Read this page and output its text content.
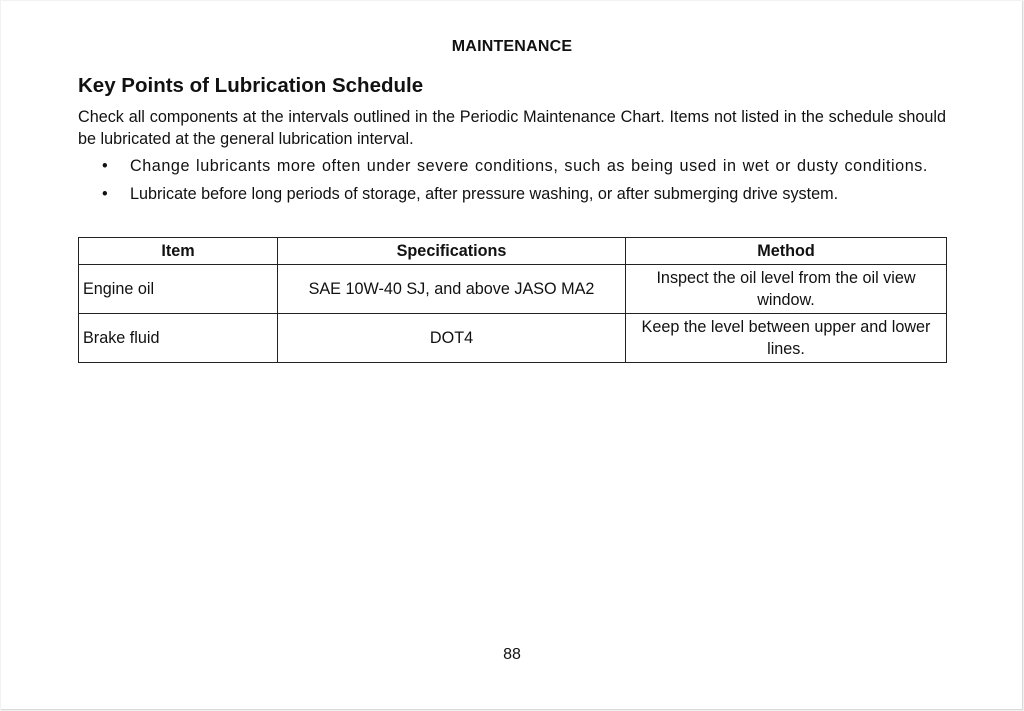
MAINTENANCE
Key Points of Lubrication Schedule

Check all components at the intervals outlined in the Periodic Maintenance Chart. Items not listed in the schedule should be lubricated at the general lubrication interval.

• Change lubricants more often under severe conditions, such as being used in wet or dusty conditions.
• Lubricate before long periods of storage, after pressure washing, or after submerging drive system.
Item	Specifications	Method
Engine oil	SAE 10W-40 SJ, and above JASO MA2	Inspect the oil level from the oil view window.
Brake fluid	DOT4	Keep the level between upper and lower lines.
88
